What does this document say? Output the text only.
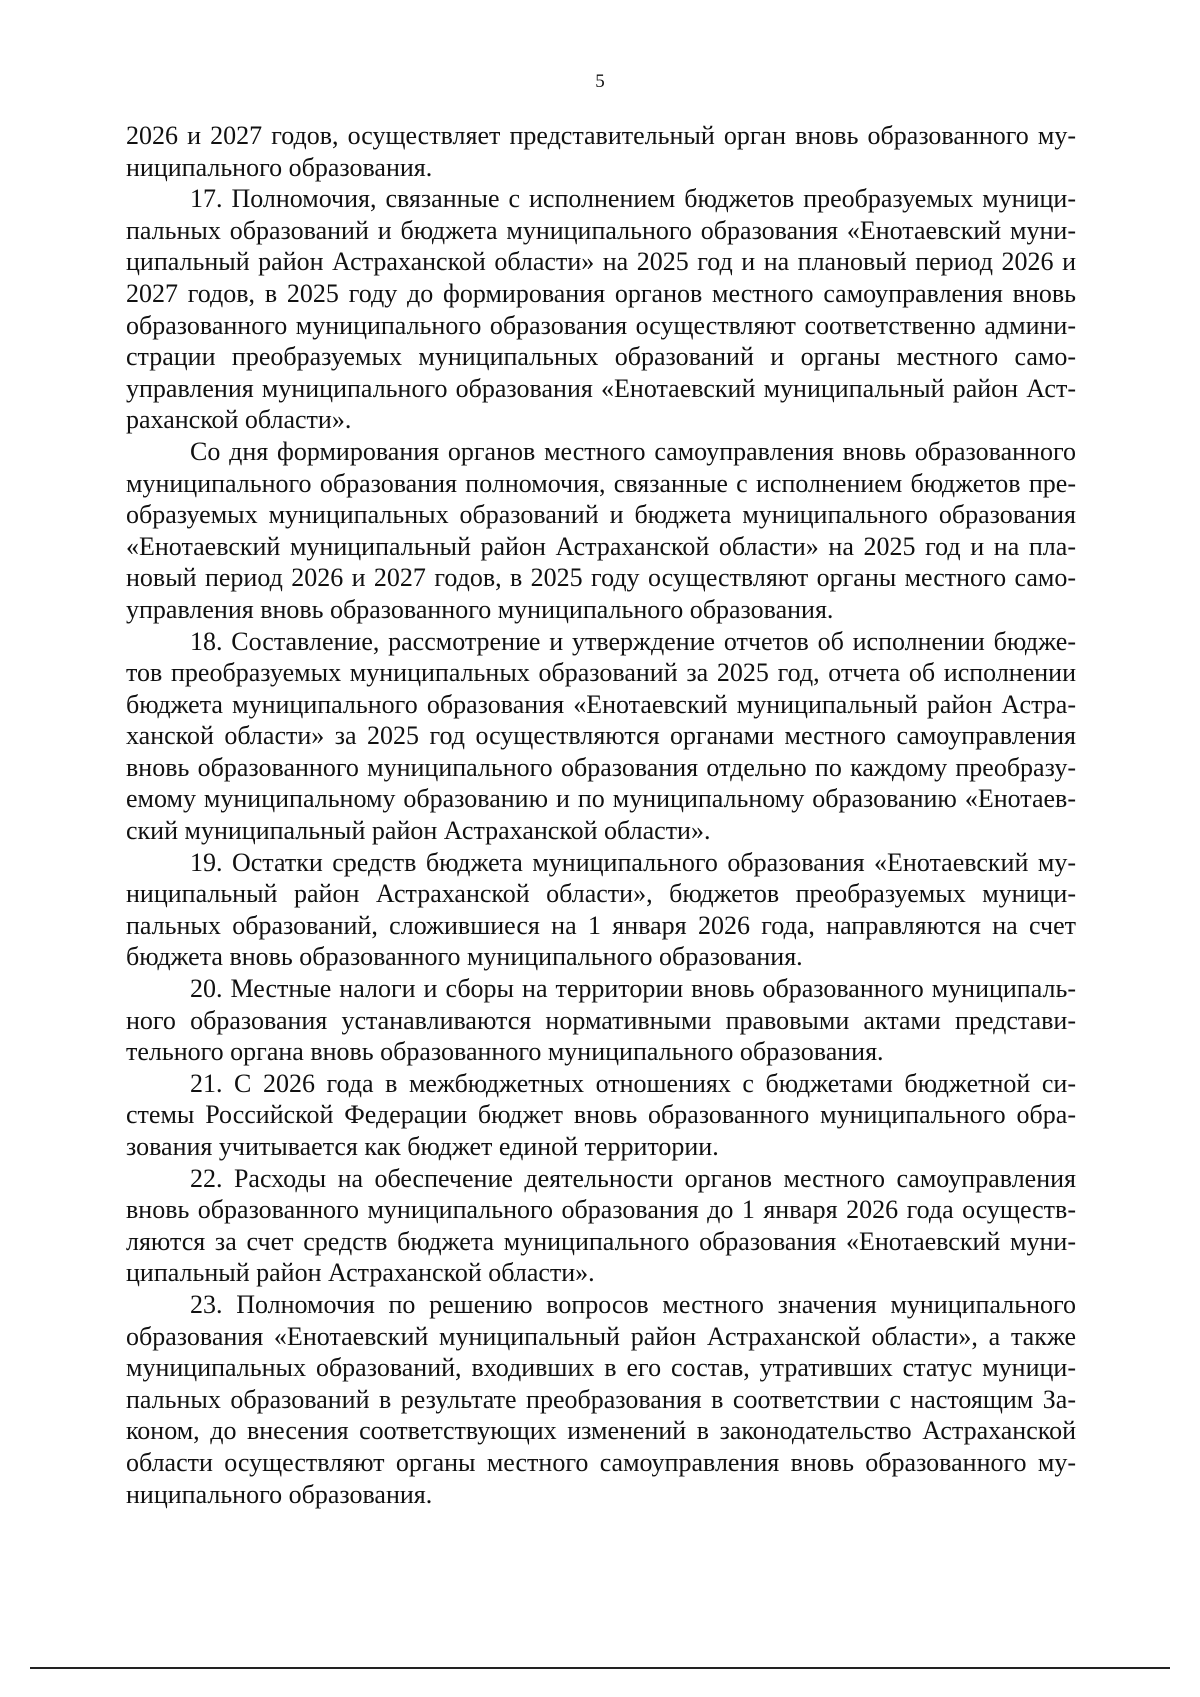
5

2026 и 2027 годов, осуществляет представительный орган вновь образованного муниципального образования.

17. Полномочия, связанные с исполнением бюджетов преобразуемых муниципальных образований и бюджета муниципального образования «Енотаевский муниципальный район Астраханской области» на 2025 год и на плановый период 2026 и 2027 годов, в 2025 году до формирования органов местного самоуправления вновь образованного муниципального образования осуществляют соответственно администрации преобразуемых муниципальных образований и органы местного самоуправления муниципального образования «Енотаевский муниципальный район Астраханской области».

Со дня формирования органов местного самоуправления вновь образованного муниципального образования полномочия, связанные с исполнением бюджетов преобразуемых муниципальных образований и бюджета муниципального образования «Енотаевский муниципальный район Астраханской области» на 2025 год и на плановый период 2026 и 2027 годов, в 2025 году осуществляют органы местного самоуправления вновь образованного муниципального образования.

18. Составление, рассмотрение и утверждение отчетов об исполнении бюджетов преобразуемых муниципальных образований за 2025 год, отчета об исполнении бюджета муниципального образования «Енотаевский муниципальный район Астраханской области» за 2025 год осуществляются органами местного самоуправления вновь образованного муниципального образования отдельно по каждому преобразуемому муниципальному образованию и по муниципальному образованию «Енотаевский муниципальный район Астраханской области».

19. Остатки средств бюджета муниципального образования «Енотаевский муниципальный район Астраханской области», бюджетов преобразуемых муниципальных образований, сложившиеся на 1 января 2026 года, направляются на счет бюджета вновь образованного муниципального образования.

20. Местные налоги и сборы на территории вновь образованного муниципального образования устанавливаются нормативными правовыми актами представительного органа вновь образованного муниципального образования.

21. С 2026 года в межбюджетных отношениях с бюджетами бюджетной системы Российской Федерации бюджет вновь образованного муниципального образования учитывается как бюджет единой территории.

22. Расходы на обеспечение деятельности органов местного самоуправления вновь образованного муниципального образования до 1 января 2026 года осуществляются за счет средств бюджета муниципального образования «Енотаевский муниципальный район Астраханской области».

23. Полномочия по решению вопросов местного значения муниципального образования «Енотаевский муниципальный район Астраханской области», а также муниципальных образований, входивших в его состав, утративших статус муниципальных образований в результате преобразования в соответствии с настоящим Законом, до внесения соответствующих изменений в законодательство Астраханской области осуществляют органы местного самоуправления вновь образованного муниципального образования.
